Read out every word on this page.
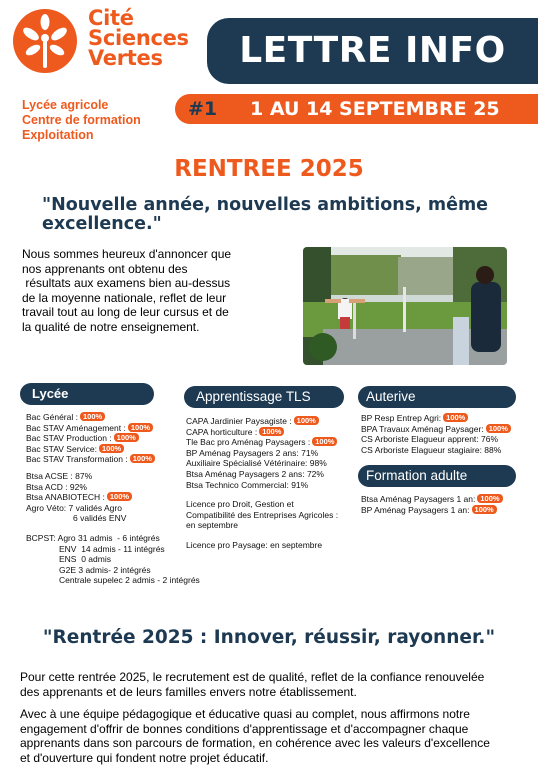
Cité
Sciences
Vertes
Lycée agricole
Centre de formation
Exploitation
LETTRE INFO
#1 1 AU 14 SEPTEMBRE 25
RENTREE 2025
"Nouvelle année, nouvelles ambitions, même excellence."
Nous sommes heureux d'annoncer que
nos apprenants ont obtenu des
résultats aux examens bien au-dessus
de la moyenne nationale, reflet de leur
travail tout au long de leur cursus et de
la qualité de notre enseignement.
Lycée
Bac Général : 100%
Bac STAV Aménagement : 100%
Bac STAV Production : 100%
Bac STAV Service: 100%
Bac STAV Transformation : 100%
Btsa ACSE : 87%
Btsa ACD : 92%
Btsa ANABIOTECH : 100%
Agro Véto: 7 validés Agro
6 validés ENV
BCPST: Agro 31 admis  - 6 intégrés
ENV  14 admis - 11 intégrés
ENS  0 admis
G2E 3 admis- 2 intégrés
Centrale supelec 2 admis - 2 intégrés
Apprentissage TLS
CAPA Jardinier Paysagiste : 100%
CAPA horticulture : 100%
Tle Bac pro Aménag Paysagers : 100%
BP Aménag Paysagers 2 ans: 71%
Auxiliaire Spécialisé Vétérinaire: 98%
Btsa Aménag Paysagers 2 ans: 72%
Btsa Technico Commercial: 91%
Licence pro Droit, Gestion et
Compatibilité des Entreprises Agricoles :
en septembre
Licence pro Paysage: en septembre
Auterive
BP Resp Entrep Agri: 100%
BPA Travaux Aménag Paysager: 100%
CS Arboriste Elagueur apprent: 76%
CS Arboriste Elagueur stagiaire: 88%
Formation adulte
Btsa Aménag Paysagers 1 an: 100%
BP Aménag Paysagers 1 an: 100%
"Rentrée 2025 : Innover, réussir, rayonner."
Pour cette rentrée 2025, le recrutement est de qualité, reflet de la confiance renouvelée
des apprenants et de leurs familles envers notre établissement.
Avec à une équipe pédagogique et éducative quasi au complet, nous affirmons notre
engagement d'offrir de bonnes conditions d'apprentissage et d'accompagner chaque
apprenants dans son parcours de formation, en cohérence avec les valeurs d'excellence
et d'ouverture qui fondent notre projet éducatif.
